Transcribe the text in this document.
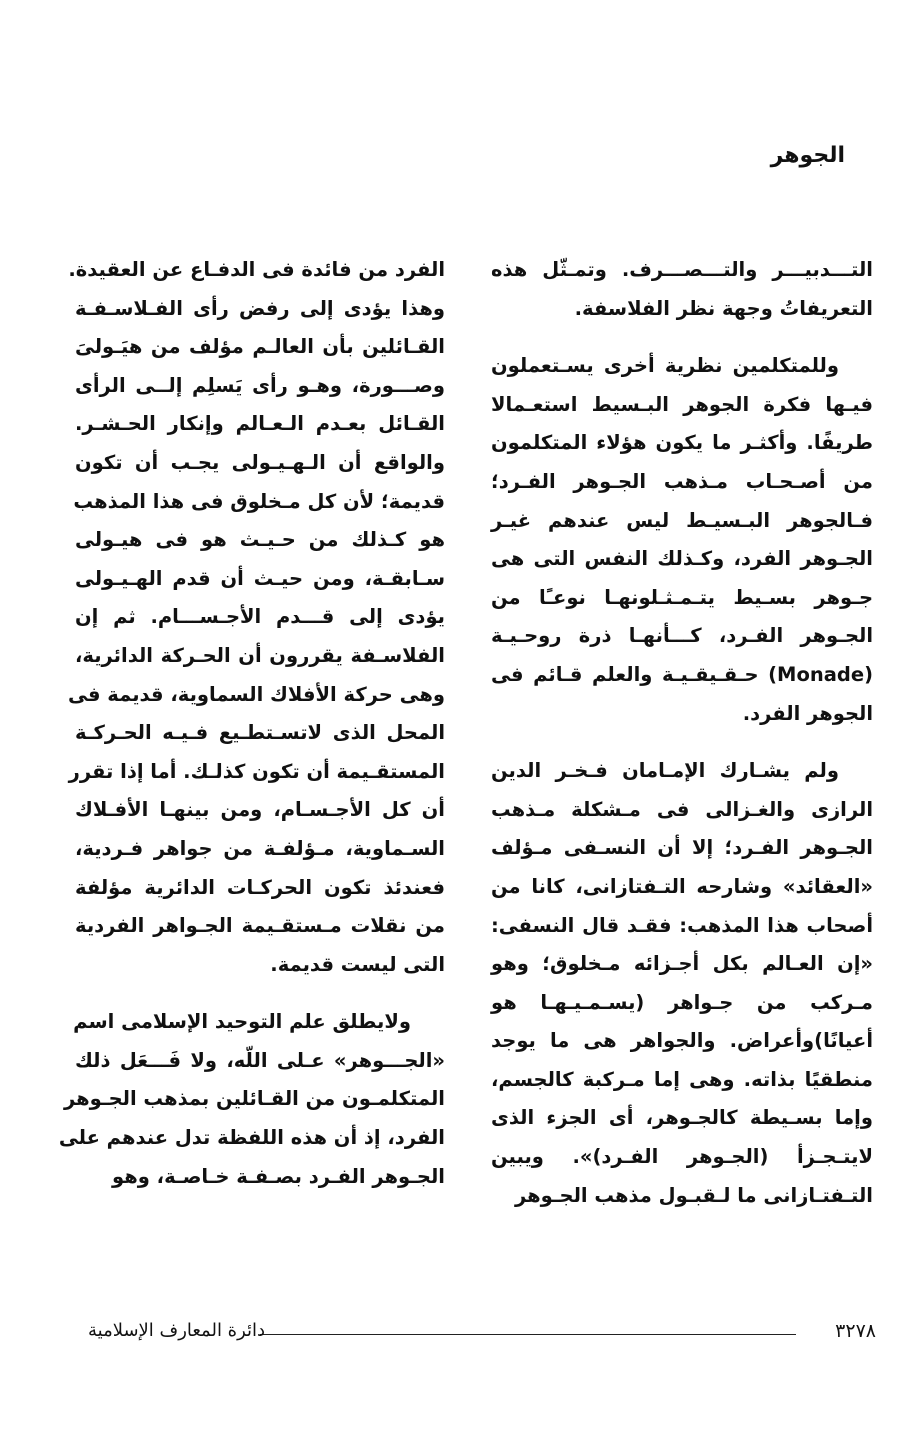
الجوهر
التـــدبيـــر والتـــصـــرف. وتمـثّل هذه
التعريفاتُ وجهة نظر الفلاسفة.
وللمتكلمين نظرية أخرى يسـتعملون
فيـها فكرة الجوهر البـسيط استعـمالا
طريفًا. وأكثـر ما يكون هؤلاء المتكلمون
من أصـحـاب مـذهب الجـوهر الفـرد؛
فـالجوهر البـسيـط ليس عندهم غيـر
الجـوهر الفرد، وكـذلك النفس التى هى
جـوهر بسـيط يتـمـثـلونهـا نوعـًا من
الجـوهر الفـرد، كـــأنهـا ذرة روحـيـة
(Monade) حـقـيقـيـة والعلم قـائم فى
الجوهر الفرد.
ولم يشـارك الإمـامان فـخـر الدين
الرازى والغـزالى فى مـشكلة مـذهب
الجـوهر الفـرد؛ إلا أن النسـفى مـؤلف
«العقائد» وشارحه التـفتازانى، كانا من
أصحاب هذا المذهب: فقـد قال النسفى:
«إن العـالم بكل أجـزائه مـخلوق؛ وهو
مـركب من جـواهر (يسـمـيـهـا هو
أعيانًا)وأعراض. والجواهر هى ما يوجد
منطقيًا بذاته. وهى إما مـركبة كالجسم،
وإما بسـيطة كالجـوهر، أى الجزء الذى
لايتـجـزأ (الجـوهر الفـرد)». ويبين
التـفتـازانى ما لـقبـول مذهب الجـوهر
الفرد من فائدة فى الدفـاع عن العقيدة.
وهذا يؤدى إلى رفض رأى الفـلاسـفـة
القـائلين بأن العالـم مؤلف من هيَـولىَ
وصـــورة، وهـو رأى يَسلِم إلــى الرأى
القـائل بعـدم الـعـالم وإنكار الحـشـر.
والواقع أن الـهـيـولى يجـب أن تكون
قديمة؛ لأن كل مـخلوق فى هذا المذهب
هو كـذلك من حـيـث هو فى هيـولى
سـابقـة، ومن حيـث أن قدم الهـيـولى
يؤدى إلى قـــدم الأجـســـام. ثم إن
الفلاسـفة يقررون أن الحـركة الدائرية،
وهى حركة الأفلاك السماوية، قديمة فى
المحل الذى لاتسـتطـيع فـيـه الحـركـة
المستقـيمة أن تكون كذلـك. أما إذا تقرر
أن كل الأجـسـام، ومن بينهـا الأفـلاك
السـماوية، مـؤلفـة من جواهر فـردية،
فعندئذ تكون الحركـات الدائرية مؤلفة
من نقلات مـستقـيمة الجـواهر الفردية
التى ليست قديمة.
ولايطلق علم التوحيد الإسلامى اسم
«الجـــوهر» عـلى اللّه، ولا فَـــعَل ذلك
المتكلمـون من القـائلين بمذهب الجـوهر
الفرد، إذ أن هذه اللفظة تدل عندهم على
الجـوهر الفـرد بصـفـة خـاصـة، وهو
٣٢٧٨
دائرة المعارف الإسلامية
